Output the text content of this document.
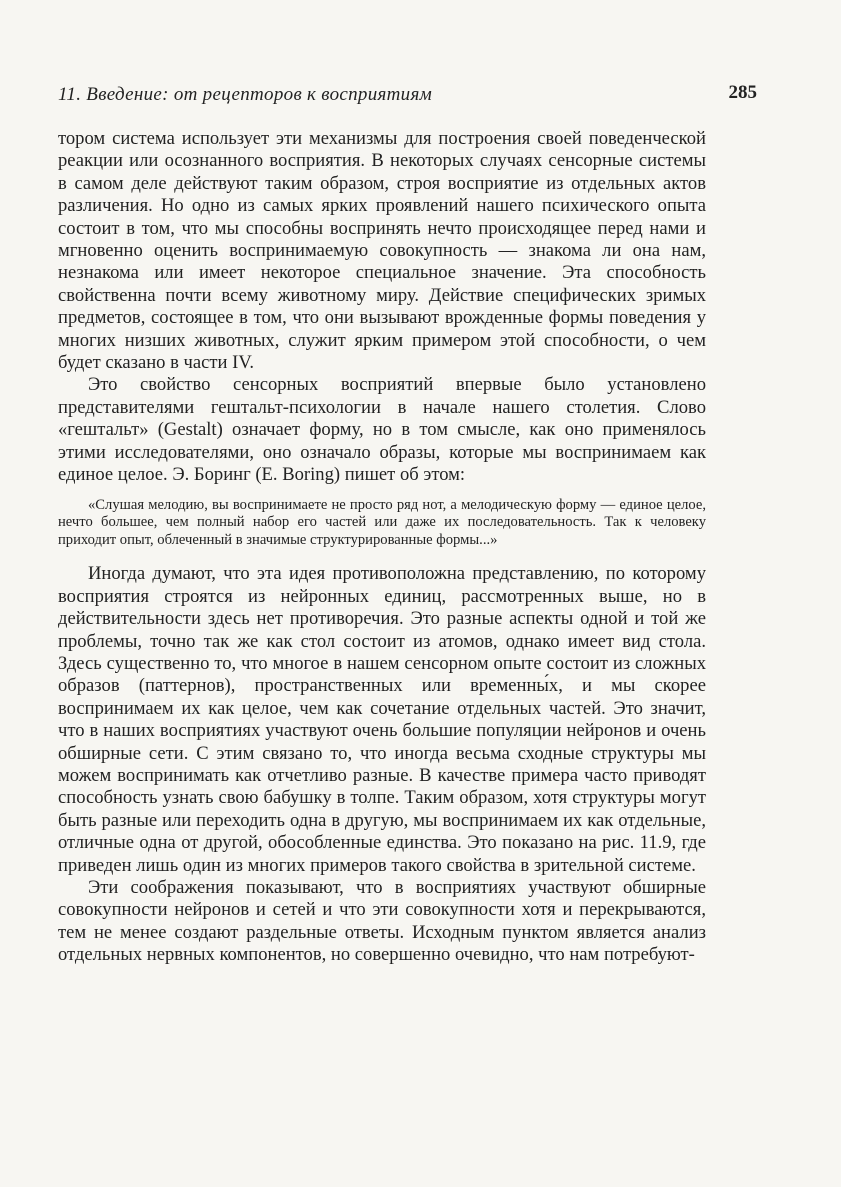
11. Введение: от рецепторов к восприятиям	285

тором система использует эти механизмы для построения своей поведенческой реакции или осознанного восприятия. В некоторых случаях сенсорные системы в самом деле действуют таким образом, строя восприятие из отдельных актов различения. Но одно из самых ярких проявлений нашего психического опыта состоит в том, что мы способны воспринять нечто происходящее перед нами и мгновенно оценить воспринимаемую совокупность — знакома ли она нам, незнакома или имеет некоторое специальное значение. Эта способность свойственна почти всему животному миру. Действие специфических зримых предметов, состоящее в том, что они вызывают врожденные формы поведения у многих низших животных, служит ярким примером этой способности, о чем будет сказано в части IV.

Это свойство сенсорных восприятий впервые было установлено представителями гештальт-психологии в начале нашего столетия. Слово «гештальт» (Gestalt) означает форму, но в том смысле, как оно применялось этими исследователями, оно означало образы, которые мы воспринимаем как единое целое. Э. Боринг (E. Boring) пишет об этом:

«Слушая мелодию, вы воспринимаете не просто ряд нот, а мелодическую форму — единое целое, нечто большее, чем полный набор его частей или даже их последовательность. Так к человеку приходит опыт, облеченный в значимые структурированные формы...»

Иногда думают, что эта идея противоположна представлению, по которому восприятия строятся из нейронных единиц, рассмотренных выше, но в действительности здесь нет противоречия. Это разные аспекты одной и той же проблемы, точно так же как стол состоит из атомов, однако имеет вид стола. Здесь существенно то, что многое в нашем сенсорном опыте состоит из сложных образов (паттернов), пространственных или временны́х, и мы скорее воспринимаем их как целое, чем как сочетание отдельных частей. Это значит, что в наших восприятиях участвуют очень большие популяции нейронов и очень обширные сети. С этим связано то, что иногда весьма сходные структуры мы можем воспринимать как отчетливо разные. В качестве примера часто приводят способность узнать свою бабушку в толпе. Таким образом, хотя структуры могут быть разные или переходить одна в другую, мы воспринимаем их как отдельные, отличные одна от другой, обособленные единства. Это показано на рис. 11.9, где приведен лишь один из многих примеров такого свойства в зрительной системе.

Эти соображения показывают, что в восприятиях участвуют обширные совокупности нейронов и сетей и что эти совокупности хотя и перекрываются, тем не менее создают раздельные ответы. Исходным пунктом является анализ отдельных нервных компонентов, но совершенно очевидно, что нам потребуют-
